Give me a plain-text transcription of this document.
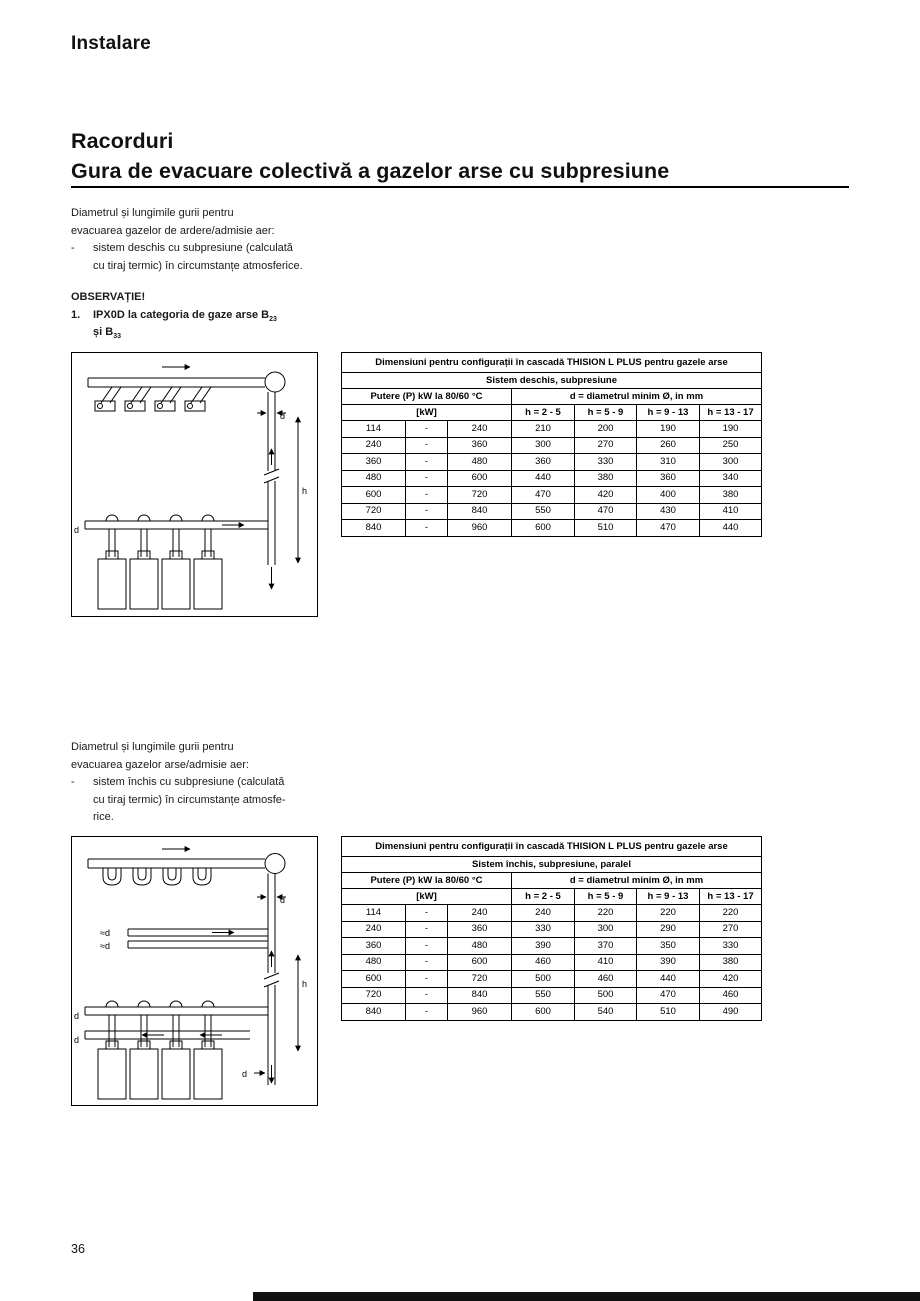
Instalare
Racorduri
Gura de evacuare colectivă a gazelor arse cu subpresiune
Diametrul și lungimile gurii pentru
evacuarea gazelor de ardere/admisie aer:
-	sistem deschis cu subpresiune (calculată
cu tiraj termic) în circumstanțe atmosferice.
OBSERVAȚIE!
1.	IPX0D la categoria de gaze arse $B_{23}$
și $B_{33}$
d
h
d
Dimensiuni pentru configurații în cascadă THISION L PLUS pentru gazele arse						
Sistem deschis, subpresiune						
Putere (P) kW la 80/60 °C			d = diametrul minim Ø, in mm			
[kW]			h = 2 - 5	h = 5 - 9	h = 9 - 13	h = 13 - 17
114	-	240	210	200	190	190
240	-	360	300	270	260	250
360	-	480	360	330	310	300
480	-	600	440	380	360	340
600	-	720	470	420	400	380
720	-	840	550	470	430	410
840	-	960	600	510	470	440
Diametrul și lungimile gurii pentru
evacuarea gazelor arse/admisie aer:
-	sistem închis cu subpresiune (calculată
cu tiraj termic) în circumstanțe atmosfe-
rice.
d
≈d
≈d
h
d
d
d
Dimensiuni pentru configurații în cascadă THISION L PLUS pentru gazele arse						
Sistem închis, subpresiune, paralel						
Putere (P) kW la 80/60 °C			d = diametrul minim Ø, in mm			
[kW]			h = 2 - 5	h = 5 - 9	h = 9 - 13	h = 13 - 17
114	-	240	240	220	220	220
240	-	360	330	300	290	270
360	-	480	390	370	350	330
480	-	600	460	410	390	380
600	-	720	500	460	440	420
720	-	840	550	500	470	460
840	-	960	600	540	510	490
36
